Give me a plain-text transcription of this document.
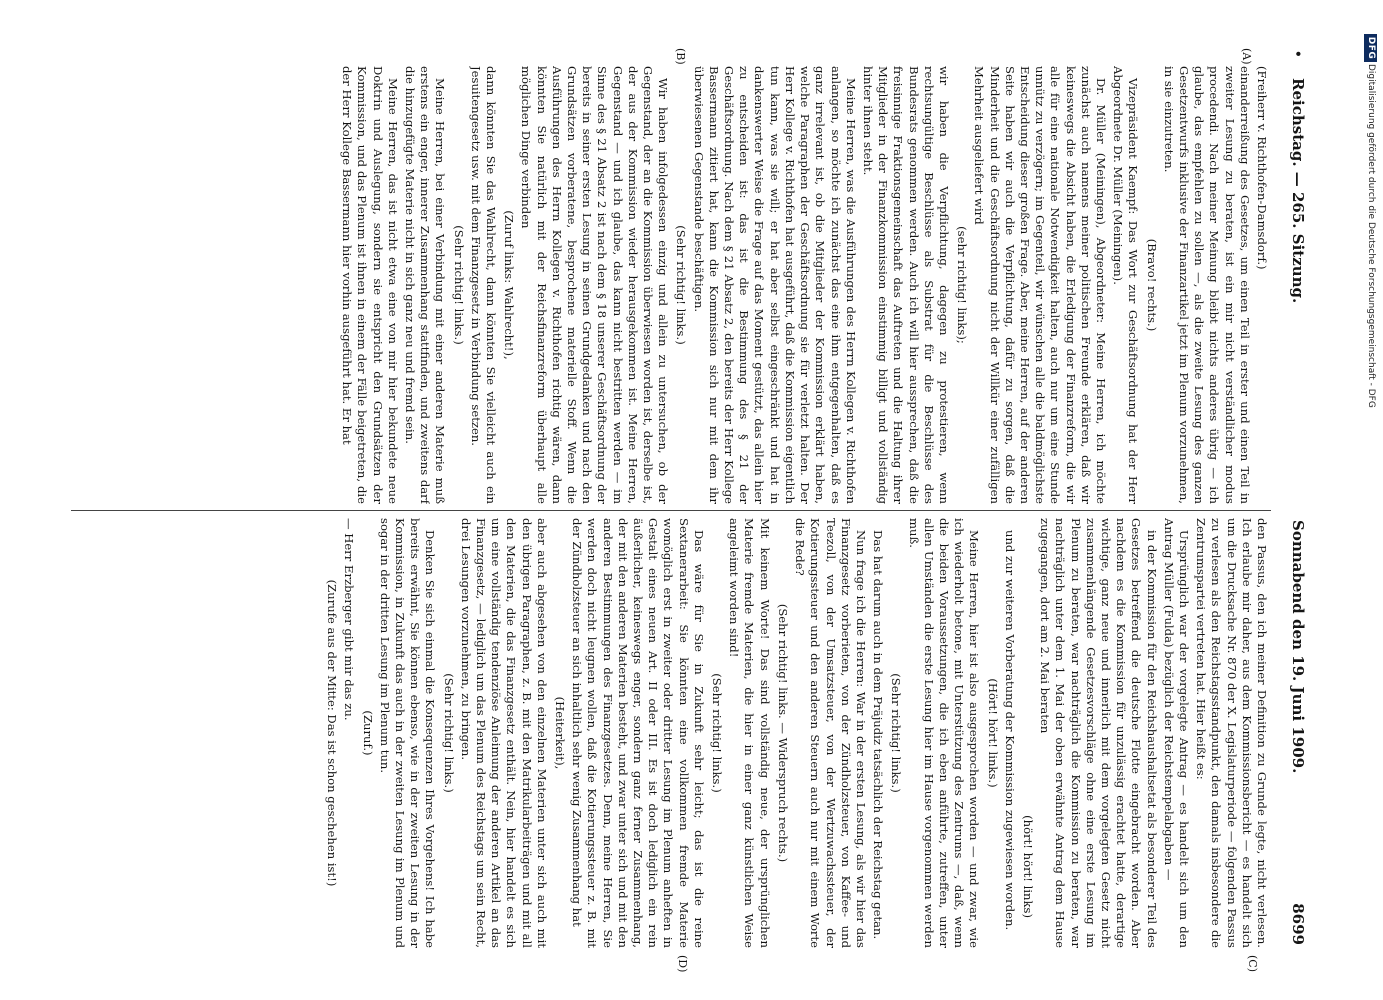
DFG
Digitalisierung gefördert durch die Deutsche Forschungsgemeinschaft - DFG
•
Reichstag. — 265. Sitzung.
Sonnabend den 19. Juni 1909.
8699
(A)
(B)
(C)
(D)

(Freiherr v. Richthofen-Damsdorf.)

einanderreißung des Gesetzes, um einen Teil in erster und einen Teil in zweiter Lesung zu beraten, ist ein mir nicht verständlicher modus procedendi. Nach meiner Meinung bleibt nichts anderes übrig — ich glaube, das empfehlen zu sollen —, als die zweite Lesung des ganzen Gesetzentwurfs inklusive der Finanzartikel jetzt im Plenum vorzunehmen, in sie einzutreten.

(Bravo! rechts.)

Vizepräsident Kaempf: Das Wort zur Geschäftsordnung hat der Herr Abgeordnete Dr. Müller (Meiningen).

Dr. Müller (Meiningen), Abgeordneter: Meine Herren, ich möchte zunächst auch namens meiner politischen Freunde erklären, daß wir keineswegs die Absicht haben, die Erledigung der Finanzreform, die wir alle für eine nationale Notwendigkeit halten, auch nur um eine Stunde unnütz zu verzögern; im Gegenteil, wir wünschen alle die baldmöglichste Entscheidung dieser großen Frage. Aber, meine Herren, auf der anderen Seite haben wir auch die Verpflichtung, dafür zu sorgen, daß die Minderheit und die Geschäftsordnung nicht der Willkür einer zufälligen Mehrheit ausgeliefert wird

(sehr richtig! links);

wir haben die Verpflichtung, dagegen zu protestieren, wenn rechtsungültige Beschlüsse als Substrat für die Beschlüsse des Bundesrats genommen werden. Auch ich will hier aussprechen, daß die freisinnige Fraktionsgemeinschaft das Auftreten und die Haltung ihrer Mitglieder in der Finanzkommission einstimmig billigt und vollständig hinter ihnen steht.

Meine Herren, was die Ausführungen des Herrn Kollegen v. Richthofen anlangen, so möchte ich zunächst das eine ihm entgegenhalten, daß es ganz irrelevant ist, ob die Mitglieder der Kommission erklärt haben, welche Paragraphen der Geschäftsordnung sie für verletzt halten. Der Herr Kollege v. Richthofen hat ausgeführt, daß die Kommission eigentlich tun kann, was sie will; er hat aber selbst eingeschränkt und hat in dankenswerter Weise die Frage auf das Moment gestützt, das allein hier zu entscheiden ist: das ist die Bestimmung des § 21 der Geschäftsordnung. Nach dem § 21 Absatz 2, den bereits der Herr Kollege Bassermann zitiert hat, kann die Kommission sich nur mit dem ihr überwiesenen Gegenstande beschäftigen.

(Sehr richtig! links.)

Wir haben infolgedessen einzig und allein zu untersuchen, ob der Gegenstand, der an die Kommission überwiesen worden ist, derselbe ist, der aus der Kommission wieder herausgekommen ist. Meine Herren, Gegenstand — und ich glaube, das kann nicht bestritten werden — im Sinne des § 21 Absatz 2 ist nach dem § 18 unserer Geschäftsordnung der bereits in seiner ersten Lesung in seinen Grundgedanken und nach den Grundsätzen vorberatene, besprochene materielle Stoff. Wenn die Ausführungen des Herrn Kollegen v. Richthofen richtig wären, dann könnten Sie natürlich mit der Reichsfinanzreform überhaupt alle möglichen Dinge verbinden

(Zuruf links: Wahlrecht!),

dann könnten Sie das Wahlrecht, dann könnten Sie vielleicht auch ein Jesuitengesetz usw. mit dem Finanzgesetz in Verbindung setzen.

(Sehr richtig! links.)

Meine Herren, bei einer Verbindung mit einer anderen Materie muß erstens ein enger, innerer Zusammenhang stattfinden, und zweitens darf die hinzugefügte Materie nicht in sich ganz neu und fremd sein.

Meine Herren, das ist nicht etwa eine von mir hier bekundete neue Doktrin und Auslegung, sondern sie entspricht den Grundsätzen der Kommission, und das Plenum ist ihnen in einem der Fälle beigetreten, die der Herr Kollege Bassermann hier vorhin ausgeführt hat. Er hat

den Passus, den ich meiner Definition zu Grunde legte, nicht verlesen. Ich erlaube mir daher, aus dem Kommissionsbericht — es handelt sich um die Drucksache Nr. 870 der X. Legislaturperiode — folgenden Passus zu verlesen als den Reichstagsstandpunkt, den damals insbesondere die Zentrumspartei vertreten hat. Hier heißt es:

Ursprünglich war der vorgelegte Antrag — es handelt sich um den Antrag Müller (Fulda) bezüglich der Reichstempelabgaben —

in der Kommission für den Reichshaushaltsetat als besonderer Teil des Gesetzes betreffend die deutsche Flotte eingebracht worden. Aber nachdem es die Kommission für unzulässig erachtet hatte, derartige wichtige, ganz neue und innerlich mit dem vorgelegten Gesetz nicht zusammenhängende Gesetzesvorschläge ohne eine erste Lesung im Plenum zu beraten, war nachträglich die Kommission zu beraten, war nachträglich unter dem 1. Mai der oben erwähnte Antrag dem Hause zugegangen, dort am 2. Mai beraten

(hört! hört! links)

und zur weiteren Vorberatung der Kommission zugewiesen worden.

(Hört! hört! links.)

Meine Herren, hier ist also ausgesprochen worden — und zwar, wie ich wiederholt betone, mit Unterstützung des Zentrums —, daß, wenn die beiden Voraussetzungen, die ich eben anführte, zutreffen, unter allen Umständen die erste Lesung hier im Hause vorgenommen werden muß.

(Sehr richtig! links.)

Das hat darum auch in dem Präjudiz tatsächlich der Reichstag getan.

Nun frage ich die Herren: War in der ersten Lesung, als wir hier das Finanzgesetz vorberieten, von der Zündholzsteuer, von Kaffee- und Teezoll, von der Umsatzsteuer, von der Wertzuwachssteuer, der Kotierungssteuer und den anderen Steuern auch nur mit einem Worte die Rede?

(Sehr richtig! links. — Widerspruch rechts.)

Mit keinem Worte! Das sind vollständig neue, der ursprünglichen Materie fremde Materien, die hier in einer ganz künstlichen Weise angeleimt worden sind!

(Sehr richtig! links.)

Das wäre für Sie in Zukunft sehr leicht; das ist die reine Sextanerarbeit: Sie könnten eine vollkommen fremde Materie womöglich erst in zweiter oder dritter Lesung im Plenum anheften in Gestalt eines neuen Art. II oder III. Es ist doch lediglich ein rein äußerlicher, keineswegs enger, sondern ganz ferner Zusammenhang, der mit den anderen Materien besteht, und zwar unter sich und mit den anderen Bestimmungen des Finanzgesetzes. Denn, meine Herren, Sie werden doch nicht leugnen wollen, daß die Kotierungssteuer z. B. mit der Zündholzsteuer an sich inhaltlich sehr wenig Zusammenhang hat

(Heiterkeit),

aber auch abgesehen von den einzelnen Materien unter sich auch mit den übrigen Paragraphen, z. B. mit den Matrikularbeiträgen und mit all den Materien, die das Finanzgesetz enthält. Nein, hier handelt es sich um eine vollständig tendenziöse Anleimung der anderen Artikel an das Finanzgesetz, — lediglich um das Plenum des Reichstags um sein Recht, drei Lesungen vorzunehmen, zu bringen.

(Sehr richtig! links.)

Denken Sie sich einmal die Konsequenzen Ihres Vorgehens! Ich habe bereits erwähnt, Sie können ebenso, wie in der zweiten Lesung in der Kommission, in Zukunft das auch in der zweiten Lesung im Plenum und sogar in der dritten Lesung im Plenum tun.

(Zuruf.)

— Herr Erzberger gibt mir das zu.

(Zurufe aus der Mitte: Das ist schon geschehen ist!)
